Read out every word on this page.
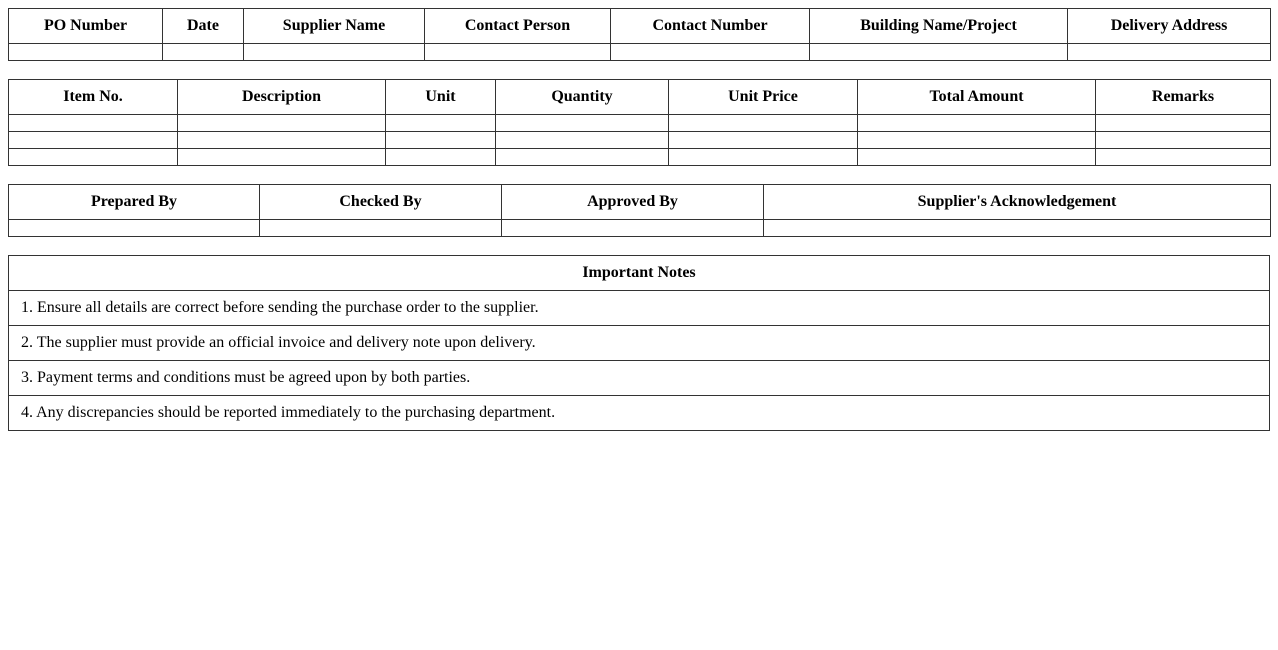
PO Number	Date	Supplier Name	Contact Person	Contact Number	Building Name/Project	Delivery Address

Item No.	Description	Unit	Quantity	Unit Price	Total Amount	Remarks

Prepared By	Checked By	Approved By	Supplier's Acknowledgement

Important Notes
1. Ensure all details are correct before sending the purchase order to the supplier.
2. The supplier must provide an official invoice and delivery note upon delivery.
3. Payment terms and conditions must be agreed upon by both parties.
4. Any discrepancies should be reported immediately to the purchasing department.
